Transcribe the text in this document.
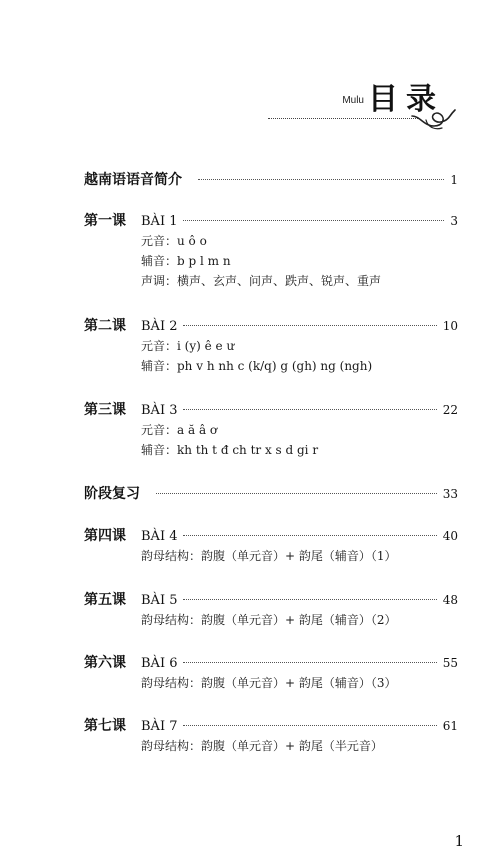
Mulu 目录
越南语语音简介	1
第一课	BÀI 1	3
元音：u ô o
辅音：b p l m n
声调：横声、玄声、问声、跌声、锐声、重声
第二课	BÀI 2	10
元音：i (y) ê e ư
辅音：ph v h nh c (k/q) g (gh) ng (ngh)
第三课	BÀI 3	22
元音：a ă â ơ
辅音：kh th t đ ch tr x s d gi r
阶段复习	33
第四课	BÀI 4	40
韵母结构：韵腹（单元音）+ 韵尾（辅音）（1）
第五课	BÀI 5	48
韵母结构：韵腹（单元音）+ 韵尾（辅音）（2）
第六课	BÀI 6	55
韵母结构：韵腹（单元音）+ 韵尾（辅音）（3）
第七课	BÀI 7	61
韵母结构：韵腹（单元音）+ 韵尾（半元音）
1
